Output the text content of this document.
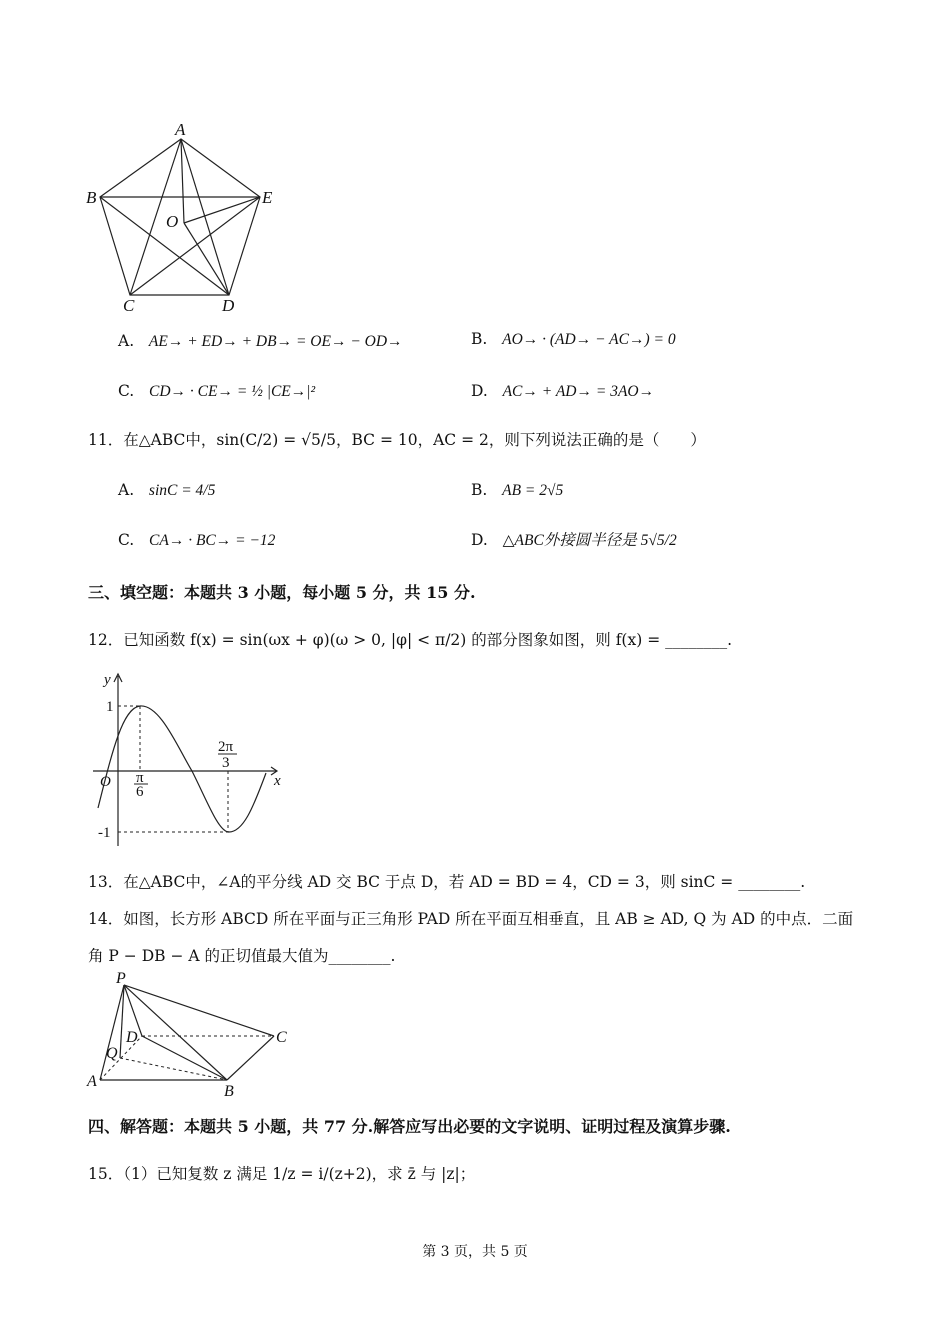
A
B
C	D
E
O
A. AE→ + ED→ + DB→ = OE→ − OD→	B. AO→ · (AD→ − AC→) = 0
C. CD→ · CE→ = ½ |CE→|²	D. AC→ + AD→ = 3AO→
11．在△ABC中，sin(C/2) = √5/5，BC = 10，AC = 2，则下列说法正确的是（　　）
A. sinC = 4/5	B. AB = 2√5
C. CA→ · BC→ = −12	D. △ABC外接圆半径是 5√5/2
三、填空题：本题共 3 小题，每小题 5 分，共 15 分.
12．已知函数 f(x) = sin(ωx + φ)(ω > 0, |φ| < π/2) 的部分图象如图，则 f(x) = ________.
y
x
O
1
-1
π
6
2π
3
13．在△ABC中，∠A的平分线 AD 交 BC 于点 D，若 AD = BD = 4，CD = 3，则 sinC = ________.
14．如图，长方形 ABCD 所在平面与正三角形 PAD 所在平面互相垂直，且 AB ≥ AD, Q 为 AD 的中点．二面
角 P − DB − A 的正切值最大值为________.
P
D	C
Q
A
B
四、解答题：本题共 5 小题，共 77 分.解答应写出必要的文字说明、证明过程及演算步骤.
15．（1）已知复数 z 满足 1/z = i/(z+2)，求 z̄ 与 |z|；
第 3 页，共 5 页
